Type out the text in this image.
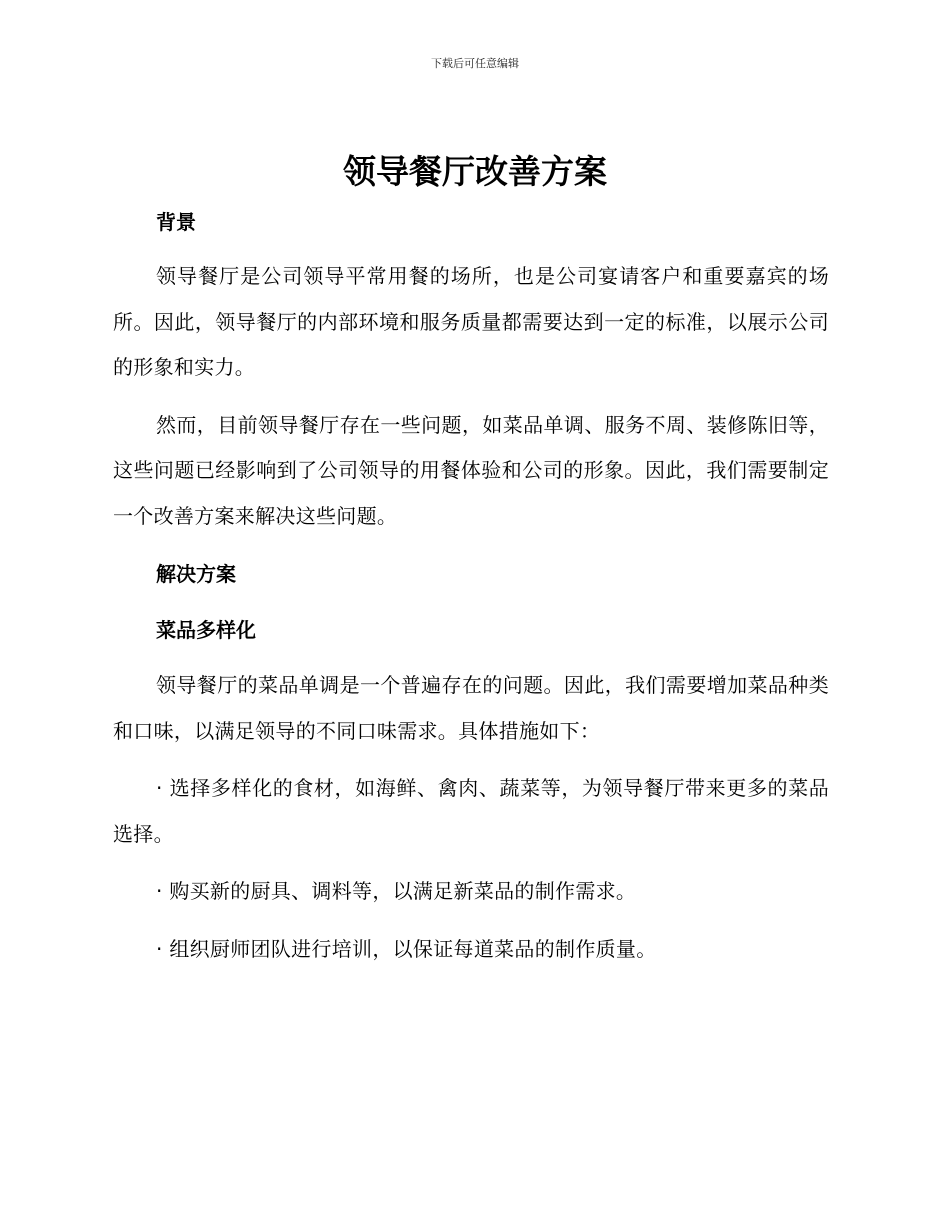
下载后可任意编辑
领导餐厅改善方案

背景

领导餐厅是公司领导平常用餐的场所，也是公司宴请客户和重要嘉宾的场所。因此，领导餐厅的内部环境和服务质量都需要达到一定的标准，以展示公司的形象和实力。

然而，目前领导餐厅存在一些问题，如菜品单调、服务不周、装修陈旧等，这些问题已经影响到了公司领导的用餐体验和公司的形象。因此，我们需要制定一个改善方案来解决这些问题。

解决方案

菜品多样化

领导餐厅的菜品单调是一个普遍存在的问题。因此，我们需要增加菜品种类和口味，以满足领导的不同口味需求。具体措施如下：

· 选择多样化的食材，如海鲜、禽肉、蔬菜等，为领导餐厅带来更多的菜品选择。

· 购买新的厨具、调料等，以满足新菜品的制作需求。

· 组织厨师团队进行培训，以保证每道菜品的制作质量。
